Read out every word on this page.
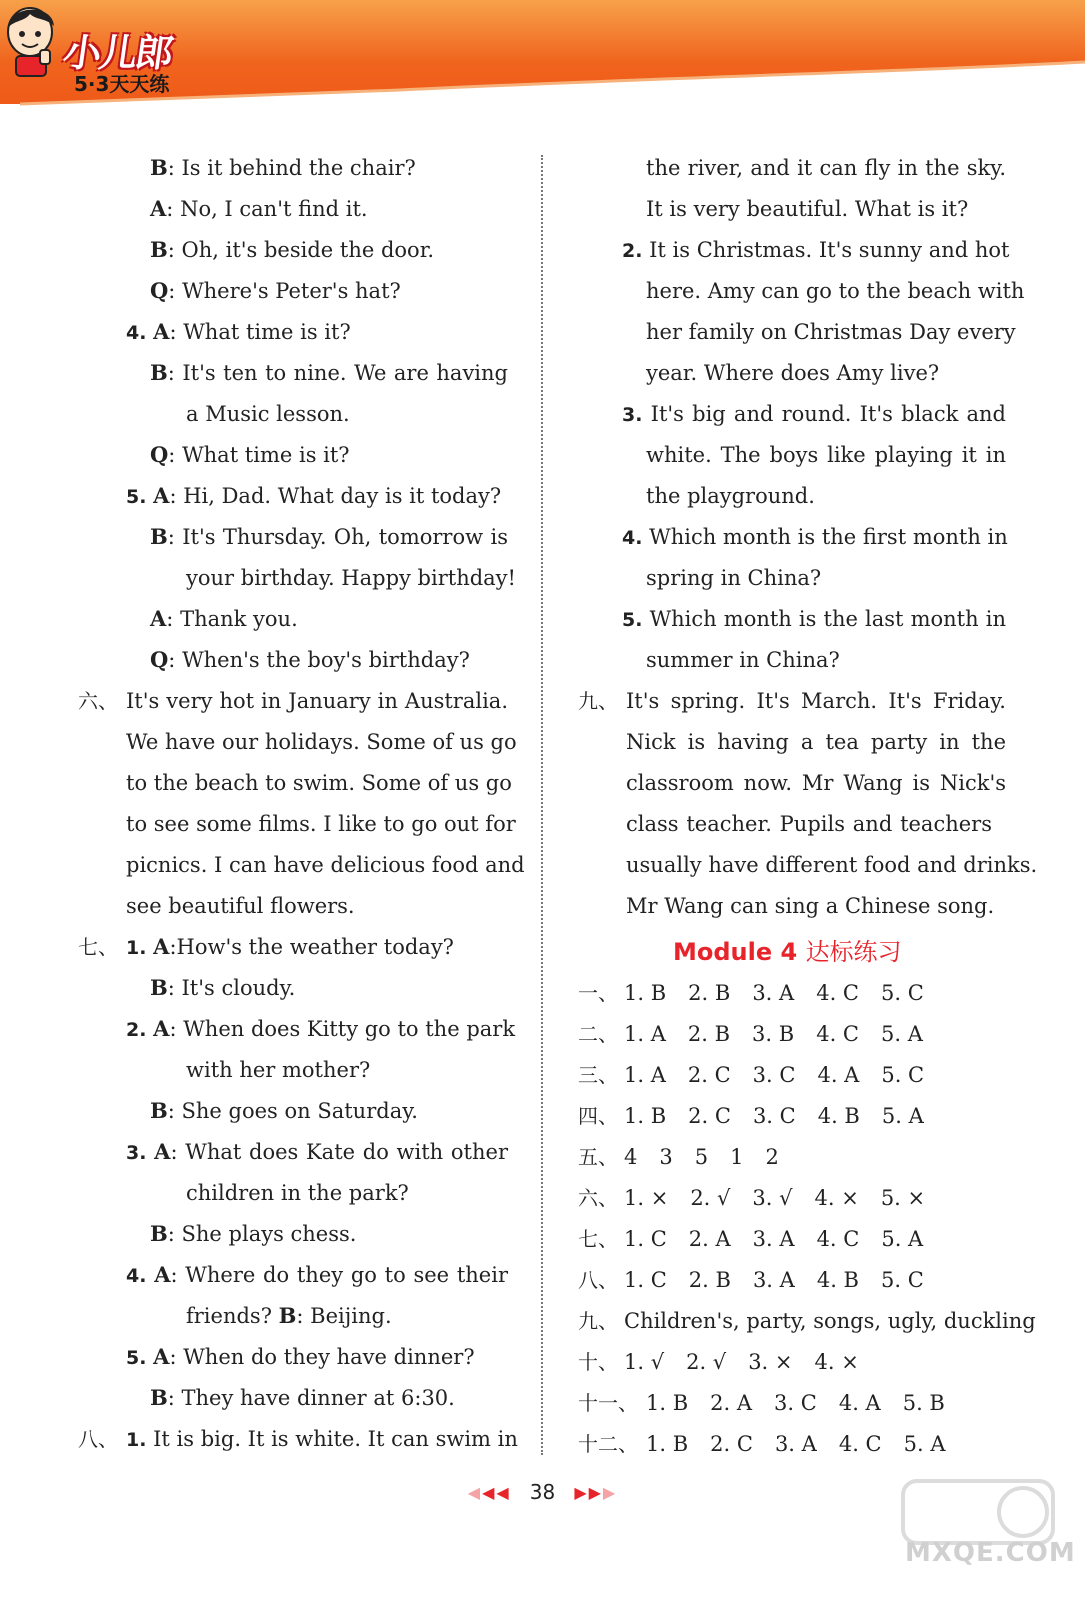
小儿郎
5·3天天练
B: Is it behind the chair?
A: No, I can't find it.
B: Oh, it's beside the door.
Q: Where's Peter's hat?
4. A: What time is it?
B: It's ten to nine. We are having
a Music lesson.
Q: What time is it?
5. A: Hi, Dad. What day is it today?
B: It's Thursday. Oh, tomorrow is
your birthday. Happy birthday!
A: Thank you.
Q: When's the boy's birthday?
六、 It's very hot in January in Australia.
We have our holidays. Some of us go
to the beach to swim. Some of us go
to see some films. I like to go out for
picnics. I can have delicious food and
see beautiful flowers.
七、 1. A:How's the weather today?
B: It's cloudy.
2. A: When does Kitty go to the park
with her mother?
B: She goes on Saturday.
3. A: What does Kate do with other
children in the park?
B: She plays chess.
4. A: Where do they go to see their
friends? B: Beijing.
5. A: When do they have dinner?
B: They have dinner at 6:30.
八、 1. It is big. It is white. It can swim in
the river, and it can fly in the sky.
It is very beautiful. What is it?
2. It is Christmas. It's sunny and hot
here. Amy can go to the beach with
her family on Christmas Day every
year. Where does Amy live?
3. It's big and round. It's black and
white. The boys like playing it in
the playground.
4. Which month is the first month in
spring in China?
5. Which month is the last month in
summer in China?
九、 It's spring. It's March. It's Friday.
Nick is having a tea party in the
classroom now. Mr Wang is Nick's
class teacher. Pupils and teachers
usually have different food and drinks.
Mr Wang can sing a Chinese song.
Module 4 达标练习
一、 1. B 2. B 3. A 4. C 5. C
二、 1. A 2. B 3. B 4. C 5. A
三、 1. A 2. C 3. C 4. A 5. C
四、 1. B 2. C 3. C 4. B 5. A
五、 4 3 5 1 2
六、 1. × 2. √ 3. √ 4. × 5. ×
七、 1. C 2. A 3. A 4. C 5. A
八、 1. C 2. B 3. A 4. B 5. C
九、 Children's, party, songs, ugly, duckling
十、 1. √ 2. √ 3. × 4. ×
十一、 1. B 2. A 3. C 4. A 5. B
十二、 1. B 2. C 3. A 4. C 5. A
◀◀◀ 38 ▶▶▶
MXQE.COM
